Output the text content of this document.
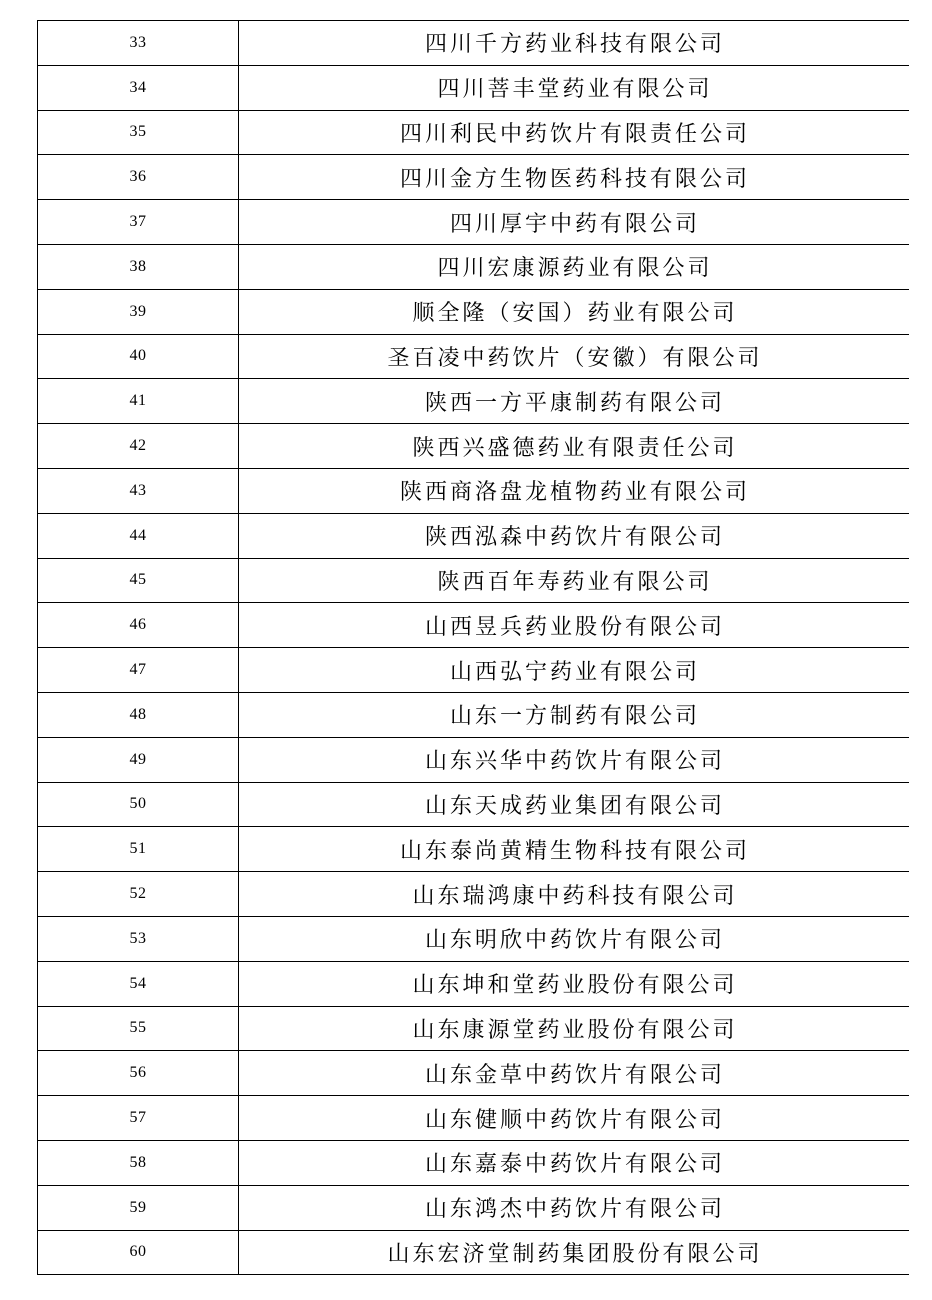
33	四川千方药业科技有限公司
34	四川菩丰堂药业有限公司
35	四川利民中药饮片有限责任公司
36	四川金方生物医药科技有限公司
37	四川厚宇中药有限公司
38	四川宏康源药业有限公司
39	顺全隆（安国）药业有限公司
40	圣百凌中药饮片（安徽）有限公司
41	陕西一方平康制药有限公司
42	陕西兴盛德药业有限责任公司
43	陕西商洛盘龙植物药业有限公司
44	陕西泓森中药饮片有限公司
45	陕西百年寿药业有限公司
46	山西昱兵药业股份有限公司
47	山西弘宁药业有限公司
48	山东一方制药有限公司
49	山东兴华中药饮片有限公司
50	山东天成药业集团有限公司
51	山东泰尚黄精生物科技有限公司
52	山东瑞鸿康中药科技有限公司
53	山东明欣中药饮片有限公司
54	山东坤和堂药业股份有限公司
55	山东康源堂药业股份有限公司
56	山东金草中药饮片有限公司
57	山东健顺中药饮片有限公司
58	山东嘉泰中药饮片有限公司
59	山东鸿杰中药饮片有限公司
60	山东宏济堂制药集团股份有限公司
